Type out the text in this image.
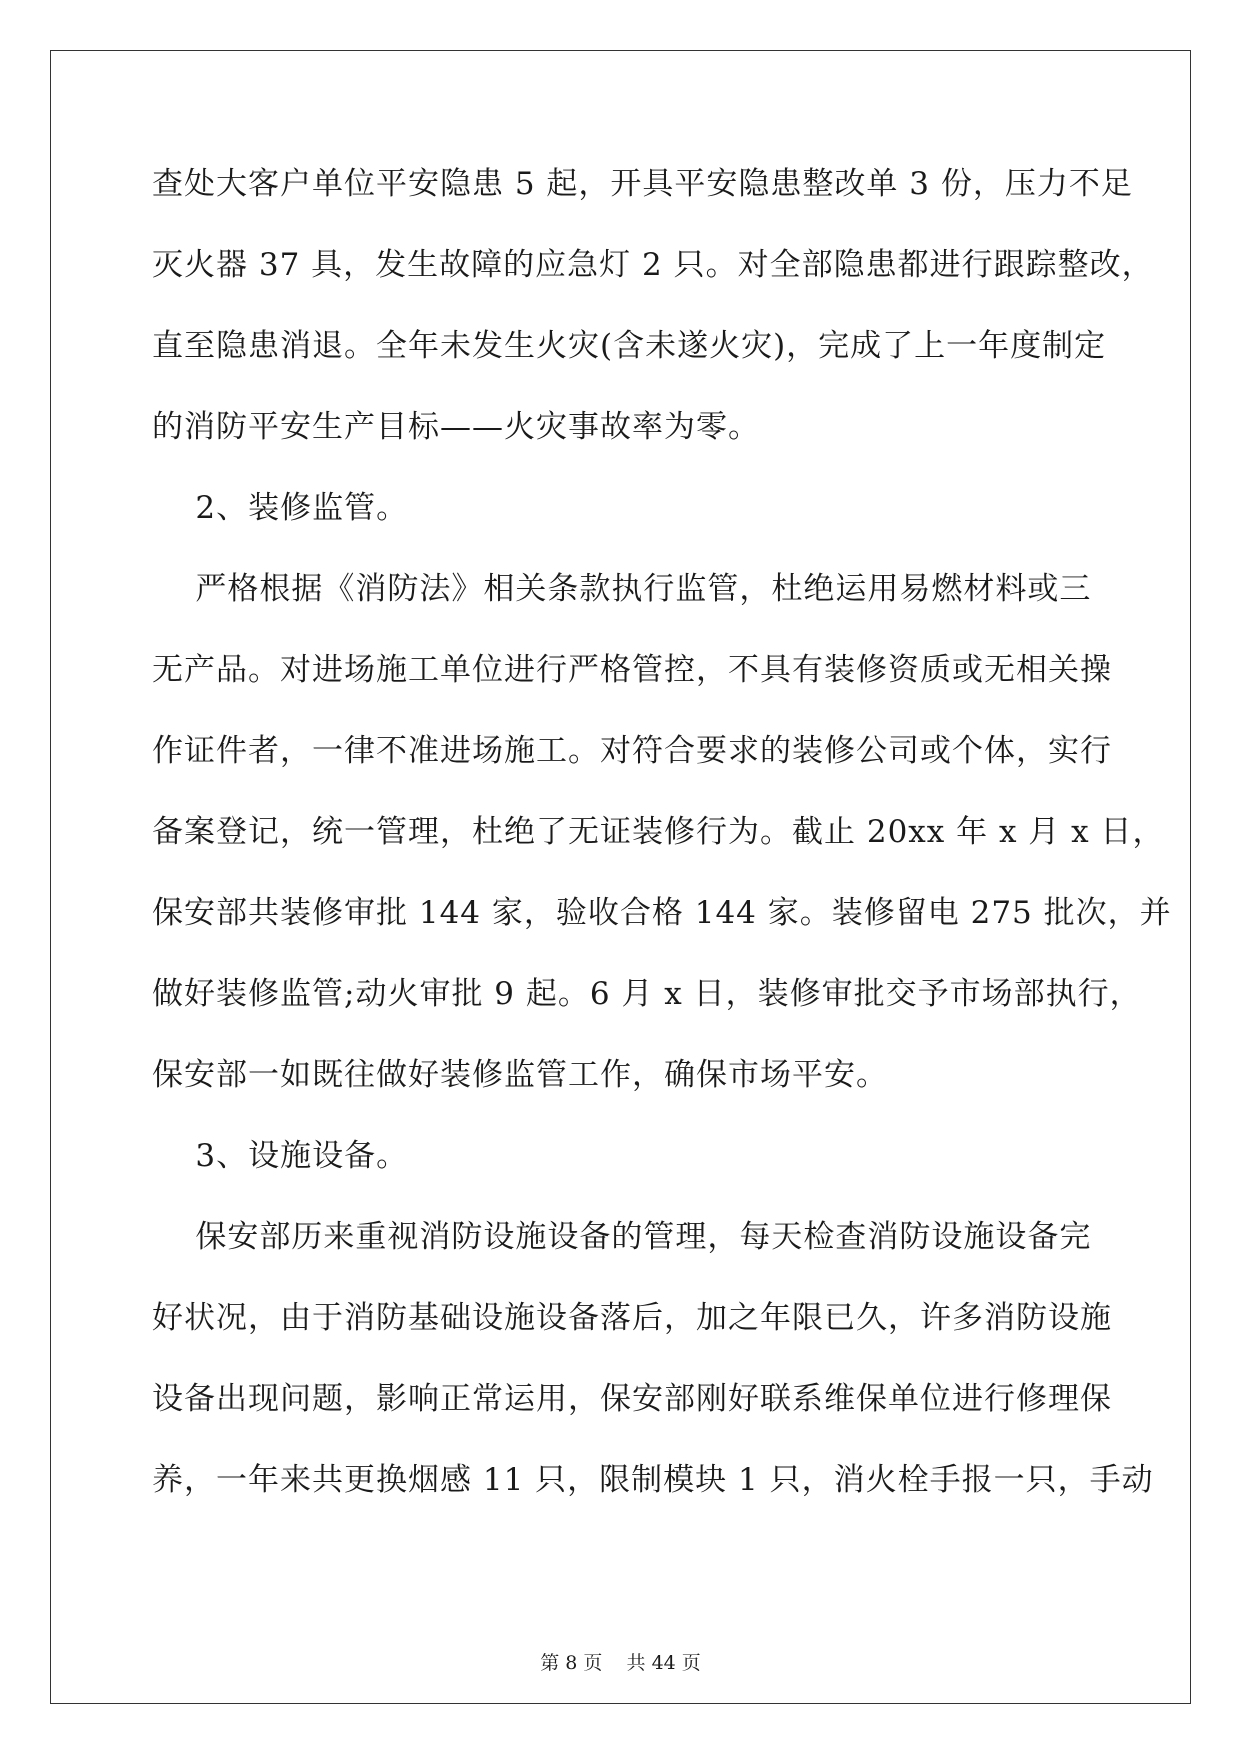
查处大客户单位平安隐患 5 起，开具平安隐患整改单 3 份，压力不足
灭火器 37 具，发生故障的应急灯 2 只。对全部隐患都进行跟踪整改，
直至隐患消退。全年未发生火灾(含未遂火灾)，完成了上一年度制定
的消防平安生产目标——火灾事故率为零。
2、装修监管。
严格根据《消防法》相关条款执行监管，杜绝运用易燃材料或三
无产品。对进场施工单位进行严格管控，不具有装修资质或无相关操
作证件者，一律不准进场施工。对符合要求的装修公司或个体，实行
备案登记，统一管理，杜绝了无证装修行为。截止 20xx 年 x 月 x 日，
保安部共装修审批 144 家，验收合格 144 家。装修留电 275 批次，并
做好装修监管;动火审批 9 起。6 月 x 日，装修审批交予市场部执行，
保安部一如既往做好装修监管工作，确保市场平安。
3、设施设备。
保安部历来重视消防设施设备的管理，每天检查消防设施设备完
好状况，由于消防基础设施设备落后，加之年限已久，许多消防设施
设备出现问题，影响正常运用，保安部刚好联系维保单位进行修理保
养，一年来共更换烟感 11 只，限制模块 1 只，消火栓手报一只，手动
第 8 页    共 44 页
